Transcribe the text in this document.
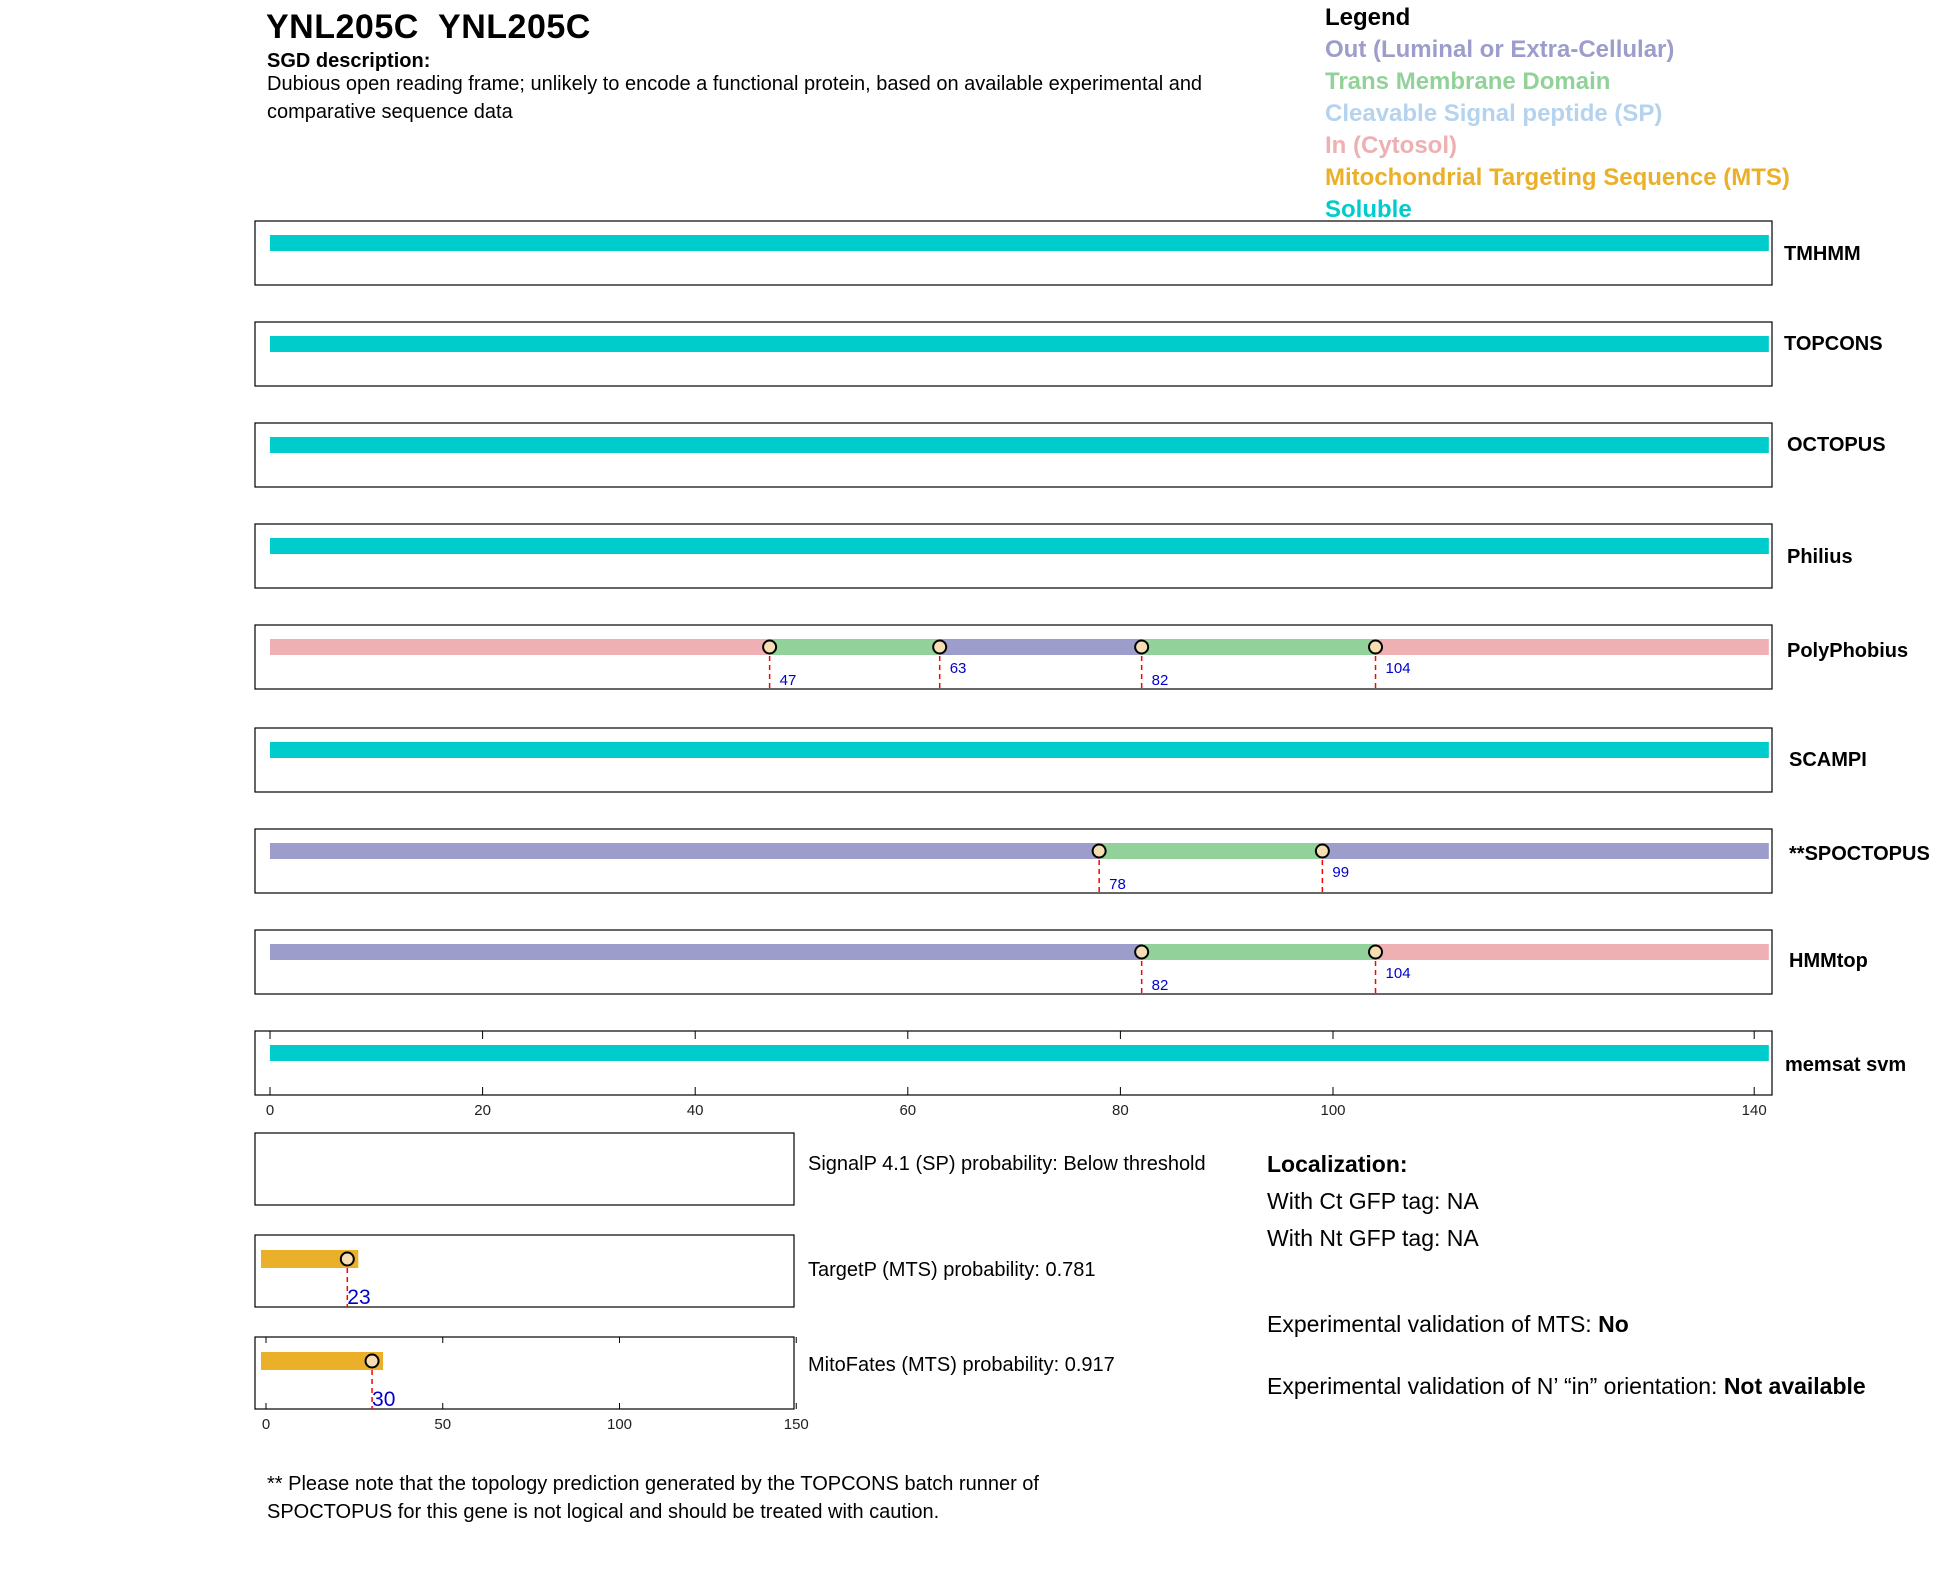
YNL205C  YNL205C
SGD description:
Dubious open reading frame; unlikely to encode a functional protein, based on available experimental and comparative sequence data
Legend
Out (Luminal or Extra-Cellular)
Trans Membrane Domain
Cleavable Signal peptide (SP)
In (Cytosol)
Mitochondrial Targeting Sequence (MTS)
Soluble
47
63
82
104
78
99
82
104
0	20	40	60	80	100	140
23
30
0	50	100	150
TMHMM
TOPCONS
OCTOPUS
Philius
PolyPhobius
SCAMPI
**SPOCTOPUS
HMMtop
memsat svm
SignalP 4.1 (SP) probability: Below threshold
TargetP (MTS) probability: 0.781
MitoFates (MTS) probability: 0.917
Localization:
With Ct GFP tag: NA
With Nt GFP tag: NA
Experimental validation of MTS: No
Experimental validation of N’ “in” orientation: Not available
** Please note that the topology prediction generated by the TOPCONS batch runner of SPOCTOPUS for this gene is not logical and should be treated with caution.
